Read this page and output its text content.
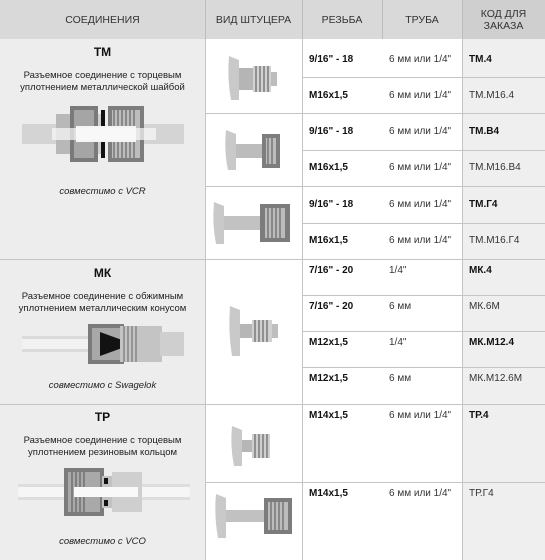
СОЕДИНЕНИЯ	ВИД ШТУЦЕРА	РЕЗЬБА	ТРУБА	КОД ДЛЯ ЗАКАЗА
ТМ
Разъемное соединение с торцевым
уплотнением металлической шайбой
совместимо с VCR
9/16" - 18	6 мм или 1/4" ТМ.4
M16x1,5	6 мм или 1/4" ТМ.М16.4
9/16" - 18	6 мм или 1/4" ТМ.В4
M16x1,5	6 мм или 1/4" ТМ.М16.В4
9/16" - 18	6 мм или 1/4" ТМ.Г4
M16x1,5	6 мм или 1/4" ТМ.М16.Г4
МК
Разъемное соединение с обжимным
уплотнением металлическим конусом
совместимо с Swagelok
7/16" - 20	1/4"	МК.4
7/16" - 20	6 мм	МК.6М
M12x1,5	1/4"	МК.М12.4
M12x1,5	6 мм	МК.М12.6М
ТР
Разъемное соединение с торцевым
уплотнением резиновым кольцом
совместимо с VCO
M14x1,5	6 мм или 1/4" ТР.4
M14x1,5	6 мм или 1/4" ТР.Г4
